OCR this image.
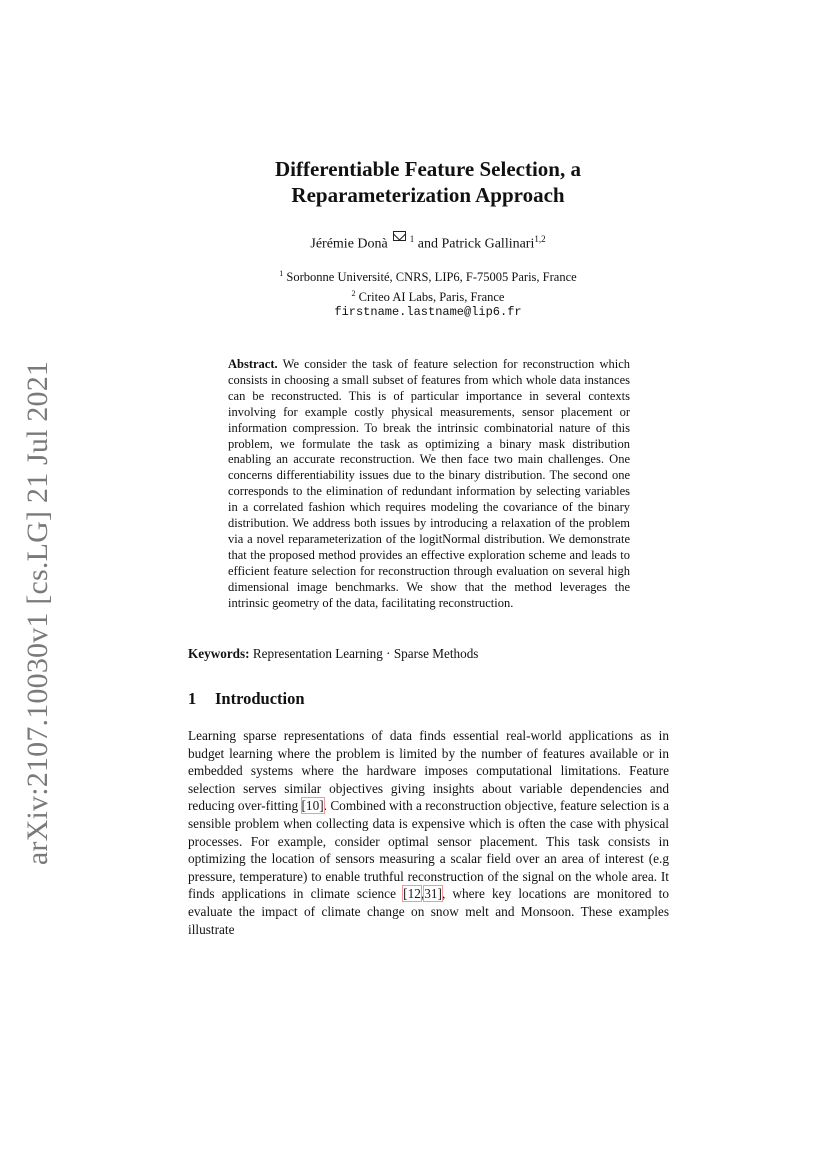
arXiv:2107.10030v1 [cs.LG] 21 Jul 2021
Differentiable Feature Selection, a
Reparameterization Approach
Jérémie Donà $^1$ and Patrick Gallinari$^{1,2}$
$^1$ Sorbonne Université, CNRS, LIP6, F-75005 Paris, France
$^2$ Criteo AI Labs, Paris, France
firstname.lastname@lip6.fr

Abstract. We consider the task of feature selection for reconstruction which consists in choosing a small subset of features from which whole data instances can be reconstructed. This is of particular importance in several contexts involving for example costly physical measurements, sensor placement or information compression. To break the intrinsic combinatorial nature of this problem, we formulate the task as optimizing a binary mask distribution enabling an accurate reconstruction. We then face two main challenges. One concerns differentiability issues due to the binary distribution. The second one corresponds to the elimination of redundant information by selecting variables in a correlated fashion which requires modeling the covariance of the binary distribution. We address both issues by introducing a relaxation of the problem via a novel reparameterization of the logitNormal distribution. We demonstrate that the proposed method provides an effective exploration scheme and leads to efficient feature selection for reconstruction through evaluation on several high dimensional image benchmarks. We show that the method leverages the intrinsic geometry of the data, facilitating reconstruction.

Keywords: Representation Learning · Sparse Methods

1 Introduction

Learning sparse representations of data finds essential real-world applications as in budget learning where the problem is limited by the number of features available or in embedded systems where the hardware imposes computational limitations. Feature selection serves similar objectives giving insights about variable dependencies and reducing over-fitting [10]. Combined with a reconstruction objective, feature selection is a sensible problem when collecting data is expensive which is often the case with physical processes. For example, consider optimal sensor placement. This task consists in optimizing the location of sensors measuring a scalar field over an area of interest (e.g pressure, temperature) to enable truthful reconstruction of the signal on the whole area. It finds applications in climate science [12,31], where key locations are monitored to evaluate the impact of climate change on snow melt and Monsoon. These examples illustrate
